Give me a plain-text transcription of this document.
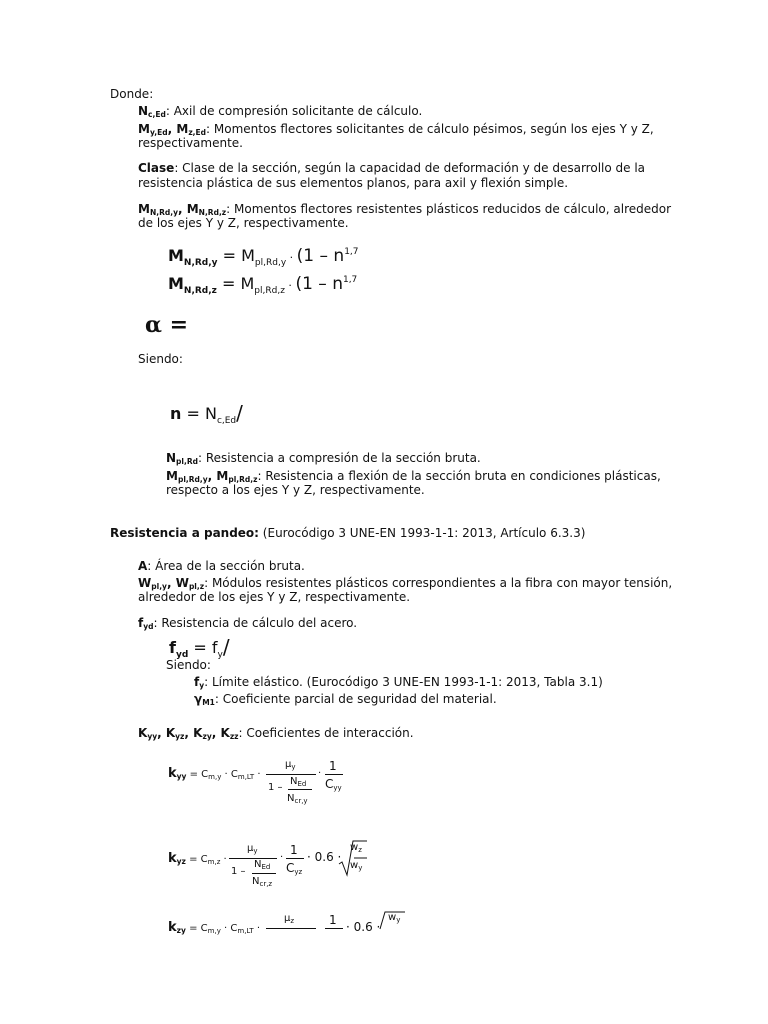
Donde:
Nc,Ed: Axil de compresión solicitante de cálculo.
My,Ed, Mz,Ed: Momentos flectores solicitantes de cálculo pésimos, según los ejes Y y Z,
respectivamente.
Clase: Clase de la sección, según la capacidad de deformación y de desarrollo de la
resistencia plástica de sus elementos planos, para axil y flexión simple.
MN,Rd,y, MN,Rd,z: Momentos flectores resistentes plásticos reducidos de cálculo, alrededor
de los ejes Y y Z, respectivamente.
$M_{N,Rd,y} = M_{pl,Rd,y} \cdot (1 - n^{1,7}$
$M_{N,Rd,z} = M_{pl,Rd,z} \cdot (1 - n^{1,7}$
α =
Siendo:
$n = N_{c,Ed}/$
Npl,Rd: Resistencia a compresión de la sección bruta.
Mpl,Rd,y, Mpl,Rd,z: Resistencia a flexión de la sección bruta en condiciones plásticas,
respecto a los ejes Y y Z, respectivamente.
Resistencia a pandeo: (Eurocódigo 3 UNE-EN 1993-1-1: 2013, Artículo 6.3.3)
A: Área de la sección bruta.
Wpl,y, Wpl,z: Módulos resistentes plásticos correspondientes a la fibra con mayor tensión,
alrededor de los ejes Y y Z, respectivamente.
fyd: Resistencia de cálculo del acero.
$f_{yd} = f_y/$
Siendo:
fy: Límite elástico. (Eurocódigo 3 UNE-EN 1993-1-1: 2013, Tabla 3.1)
γM1: Coeficiente parcial de seguridad del material.
Kyy, Kyz, Kzy, Kzz: Coeficientes de interacción.
kyy = Cm,y · Cm,LT ·
$\mu_y$
1 –
$N_{Ed}$
$N_{cr,y}$
·
1
Cyy
kyz = Cm,z ·
$\mu_y$
1 –
$N_{Ed}$
$N_{cr,z}$
·
1
Cyz
· 0.6 ·
$w_z$
$w_y$
kzy = Cm,y · Cm,LT ·
$\mu_z$	1 · 0.6 ·
$w_y$
